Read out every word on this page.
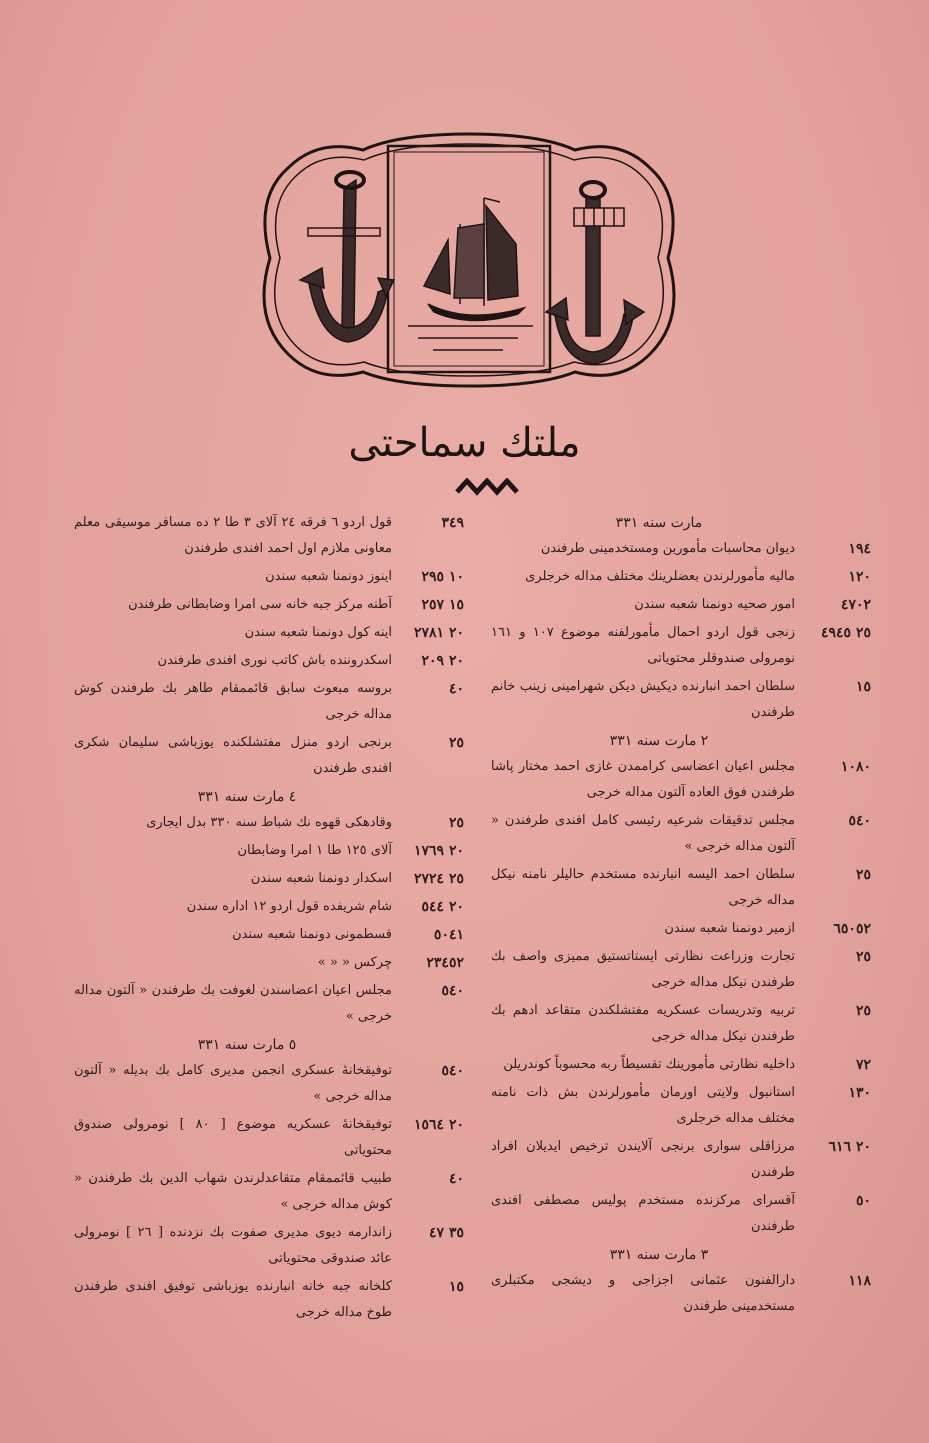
ملتك سماحتی
مارت سنه ٣٣١
١٩٤
دیوان محاسبات مأمورین ومستخدمینی طرفندن
١٢٠
مالیه مأمورلرندن بعضلرینك مختلف مداله خرجلری
٤٧٠٢
امور صحیه دونمنا شعبه سندن
٢٥ ٤٩٤٥
زنجی قول اردو احمال مأمورلفنه موضوع ١٠٧ و ١٦١ نومرولی صندوقلر محتویاتی
١٥
سلطان احمد انبارنده دیکیش دیکن شهرامینی زینب خانم طرفندن
٢ مارت سنه ٣٣١
١٠٨٠
مجلس اعیان اعضاسی کراممدن غازی احمد مختار پاشا طرفندن فوق العاده آلتون مداله خرجی
٥٤٠
مجلس تدقیقات شرعیه رئیسی کامل افندی طرفندن « آلتون مداله خرجی »
٢٥
سلطان احمد الیسه انبارنده مستخدم حالیلر نامنه نیکل مداله خرجی
٦٥٠٥٢
ازمیر دونمنا شعبه سندن
٢٥
تجارت وزراعت نظارتی ایستاتستیق ممیزی واصف بك طرفندن نیکل مداله خرجی
٢٥
تربیه وتدریسات عسکریه مفتشلکندن متقاعد ادهم بك طرفندن نیکل مداله خرجی
٧٢
داخلیه نظارتی مأمورینك تقسیطاً ربه محسوباً کوندریلن
١٣٠
استانبول ولایتی اورمان مأمورلرندن بش ذات نامنه مختلف مداله خرجلری
٢٠ ٦١٦
مرزاقلی سواری برنجی آلایندن ترخیص ایدیلان افراد طرفندن
٥٠
آقسرای مرکزنده مستخدم پولیس مصطفی افندی طرفندن
٣ مارت سنه ٣٣١
١١٨
دارالفنون عثمانی اجزاجی و دیشجی مکتبلری مستخدمینی طرفندن
٣٤٩
قول اردو ٦ فرقه ٢٤ آلای ٣ طا ٢ ده مسافر موسیقی معلم معاونی ملازم اول احمد افندی طرفندن
١٠ ٢٩٥
اینوز دونمنا شعبه سندن
١٥ ٢٥٧
آطنه مرکز جبه خانه سی امرا وضابطانی طرفندن
٢٠ ٢٧٨١
اینه کول دونمنا شعبه سندن
٢٠ ٢٠٩
اسکدروننده باش کاتب نوری افندی طرفندن
٤٠
بروسه مبعوث سابق قائممقام طاهر بك طرفندن کوش مداله خرجی
٢٥
برنجی اردو منزل مفتشلکنده یوزباشی سلیمان شکری افندی طرفندن
٤ مارت سنه ٣٣١
٢٥
وقادهکی قهوه نك شباط سنه ٣٣٠ بدل ایجاری
٢٠ ١٧٦٩
آلای ١٢٥ طا ١ امرا وضابطان
٢٥ ٢٧٢٤
اسکدار دونمنا شعبه سندن
٢٠ ٥٤٤
شام شریفده قول اردو ١٢ اداره سندن
٥٠٤١
قسطمونی دونمنا شعبه سندن
٢٣٤٥٢
چرکس « « »
٥٤٠
مجلس اعیان اعضاسندن لغوفت بك طرفندن « آلتون مداله خرجی »
٥ مارت سنه ٣٣١
٥٤٠
توفیقخانۀ عسکری انجمن مدیری کامل بك بدیله « آلتون مداله خرجی »
٢٠ ١٥٦٤
توفیقخانۀ عسکریه موضوع [ ٨٠ ] نومرولی صندوق محتویاتی
٤٠
طبیب قائممقام متقاعدلرندن شهاب الدین بك طرفندن « کوش مداله خرجی »
٣٥ ٤٧
زاندارمه دیوی مدیری صفوت بك نزدنده [ ٢٦ ] نومرولی عائد صندوقی محتویاتی
١٥
کلخانه جبه خانه انبارنده یوزباشی توفیق افندی طرفندن طوخ مداله خرجی
